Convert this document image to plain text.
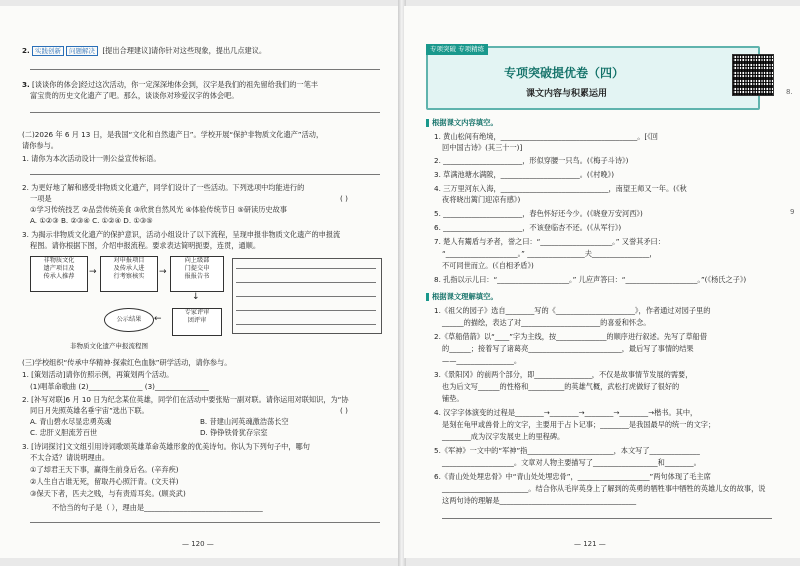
2. 实践创新 问题解决 [提出合理建议]请你针对这些现象，提出几点建议。
3. [谈谈你的体会]经过这次活动，你一定深深地体会到，汉字是我们的祖先留给我们的一笔丰
富宝贵的历史文化遗产了吧。那么，谈谈你对珍爱汉字的体会吧。
(二)2026 年 6 月 13 日，是我国“文化和自然遗产日”。学校开展“保护非物质文化遗产”活动，
请你参与。
1. 请你为本次活动设计一则公益宣传标语。
2. 为更好地了解和感受非物质文化遗产，同学们设计了一些活动。下列选项中均能进行的
一项是	( )
①学习传统技艺 ②品尝传统美食 ③欣赏自然风光 ④体验传统节日 ⑤研读历史故事
A. ①②③ B. ②③④ C. ①②④ D. ①③⑤
3. 为揭示非物质文化遗产的保护意识，活动小组设计了以下流程，呈现申报非物质文化遗产的申报流
程图。请你根据下图，介绍申报流程。要求表达简明扼要，连贯，通顺。
非物质文化
遗产项目及
传承人推荐	→
对申报项目
及传承人进
行考察核实	→
向上级部
门提交申
报报告书
↓
专家评审
团评审
←
公示结果
非物质文化遗产申报流程图
(三)学校组织“传承中华精神·探索红色血脉”研学活动，请你参与。
1. [策划活动]请你仿照示例，再策划两个活动。
(1)唱革命歌曲 (2)_______________ (3)_______________
2. [补写对联]6 月 10 日为纪念某位英雄，同学们在活动中要张贴一副对联。请你运用对联知识，为“协
同日月先照英雄名垂宇宙”选出下联。	( )
A. 青山碧水尽显忠勇英魂	B. 昔建山河英魂激浩荡长空
C. 忠肝义胆流芳百世	D. 铮铮铁骨犹存宗室
3. [诗词探讨]文文组引用诗词歌颂英雄革命英雄形象的优美诗句。你认为下列句子中，哪句
不太合适？请说明理由。
①了却君王天下事，赢得生前身后名。(辛弃疾)
②人生自古谁无死，留取丹心照汗青。(文天祥)
③保天下者，匹夫之贱，与有责焉耳矣。(顾炎武)
不恰当的句子是（ ），理由是_________________________________
— 120 —
专项突破 专项精练
专项突破提优卷（四）
课文内容与积累运用
根据课文内容填空。
1. 黄山松间有绝境，______________________________________。[《回
回中国古诗》(其三十一)]
2. ______________________，形似穿腰一只鸟。(《梅子斗诗》)
3. 草满池塘水满陂，______________________。(《村晚》)
4. 三万里河东入海，______________________________，南望王师又一年。(《秋
夜将晓出篱门迎凉有感》)
5. ______________________，春色怀好还今少。(《晓登万安河西》)
6. ______________________，不该登临杏不还。(《从军行》)
7. 楚人有鬻盾与矛者，誉之曰：“____________________。” 又誉其矛曰：
“____________________。” ________________夫________________，
不可同世而立。(《自相矛盾》)
8. 孔指以示儿曰：“____________________。” 儿应声答曰：“____________________。”(《杨氏之子》)
根据课文理解填空。
1.《祖父的园子》选自________写的《______________________》，作者通过对园子里的
______的描绘，表达了对______________________的喜爱和怀念。
2.《草船借箭》以“____”字为主线，按______________的顺序进行叙述。先写了草船借
的______；接着写了诸葛亮__________________________，最后写了事情的结果
——________________。
3.《景阳冈》的前两个部分，即________________，不仅是故事情节发展的需要，
也为后文写______的性格和__________的英雄气概，武松打虎做好了很好的
铺垫。
4. 汉字字体演变的过程是________→________→________→________→楷书。其中，
是刻在龟甲或兽骨上的文字，主要用于占卜记事；________是我国最早的统一的文字；
________成为汉字发展史上的里程碑。
5.《军神》一文中的“军神”指________________________，本文写了______________
____________________。文章对人物主要描写了__________________和________。
6.《青山处处埋忠骨》中“青山处处埋忠骨”，____________________”两句体现了毛主席
________________________。结合你从毛岸英身上了解到的英勇的牺牲事中牺牲的英雄儿女的故事，说
这两句诗的理解是______________________________________
— 121 —
8.
9
